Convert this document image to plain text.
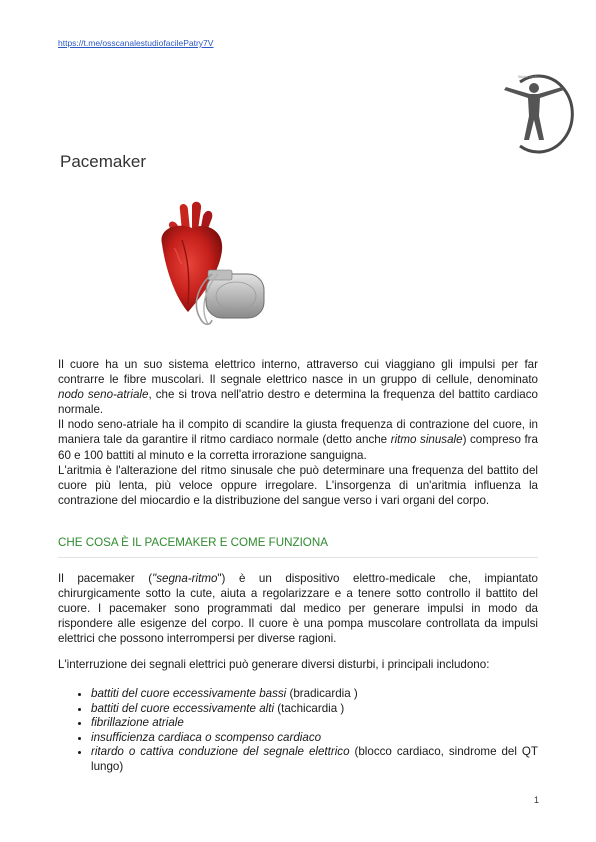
https://t.me/osscanalestudiofacilePatry7V
Studio Facile
Pacemaker

Il cuore ha un suo sistema elettrico interno, attraverso cui viaggiano gli impulsi per far contrarre le fibre muscolari. Il segnale elettrico nasce in un gruppo di cellule, denominato nodo seno-atriale, che si trova nell'atrio destro e determina la frequenza del battito cardiaco normale.

Il nodo seno-atriale ha il compito di scandire la giusta frequenza di contrazione del cuore, in maniera tale da garantire il ritmo cardiaco normale (detto anche ritmo sinusale) compreso fra 60 e 100 battiti al minuto e la corretta irrorazione sanguigna.

L'aritmia è l'alterazione del ritmo sinusale che può determinare una frequenza del battito del cuore più lenta, più veloce oppure irregolare. L'insorgenza di un'aritmia influenza la contrazione del miocardio e la distribuzione del sangue verso i vari organi del corpo.

CHE COSA È IL PACEMAKER E COME FUNZIONA
Il pacemaker ("segna-ritmo") è un dispositivo elettro-medicale che, impiantato chirurgicamente sotto la cute, aiuta a regolarizzare e a tenere sotto controllo il battito del cuore. I pacemaker sono programmati dal medico per generare impulsi in modo da rispondere alle esigenze del corpo. Il cuore è una pompa muscolare controllata da impulsi elettrici che possono interrompersi per diverse ragioni.

L'interruzione dei segnali elettrici può generare diversi disturbi, i principali includono:

• battiti del cuore eccessivamente bassi (bradicardia )
• battiti del cuore eccessivamente alti (tachicardia )
• fibrillazione atriale
• insufficienza cardiaca o scompenso cardiaco
• ritardo o cattiva conduzione del segnale elettrico (blocco cardiaco, sindrome del QT lungo)
1
